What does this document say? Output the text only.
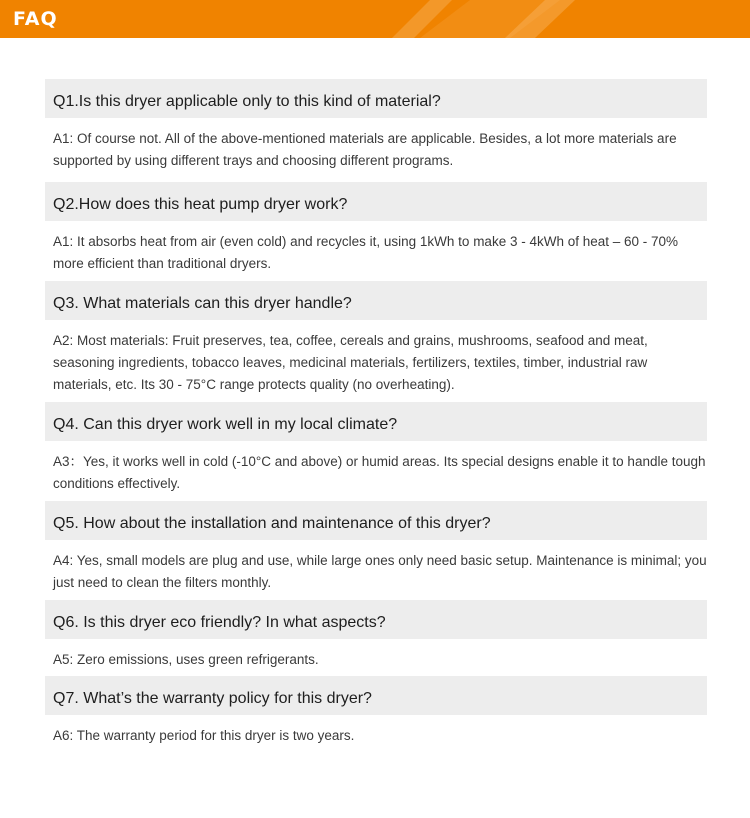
FAQ
Q1.Is this dryer applicable only to this kind of material?
A1: Of course not. All of the above-mentioned materials are applicable. Besides, a lot more materials are supported by using different trays and choosing different programs.
Q2.How does this heat pump dryer work?
A1: It absorbs heat from air (even cold) and recycles it, using 1kWh to make 3 - 4kWh of heat – 60 - 70% more efficient than traditional dryers.
Q3. What materials can this dryer handle?
A2: Most materials: Fruit preserves, tea, coffee, cereals and grains, mushrooms, seafood and meat, seasoning ingredients, tobacco leaves, medicinal materials, fertilizers, textiles, timber, industrial raw materials, etc. Its 30 - 75°C range protects quality (no overheating).
Q4. Can this dryer work well in my local climate?
A3：Yes, it works well in cold (-10°C and above) or humid areas. Its special designs enable it to handle tough conditions effectively.
Q5. How about the installation and maintenance of this dryer?
A4: Yes, small models are plug and use, while large ones only need basic setup. Maintenance is minimal; you just need to clean the filters monthly.
Q6. Is this dryer eco friendly? In what aspects?
A5: Zero emissions, uses green refrigerants.
Q7. What’s the warranty policy for this dryer?
A6: The warranty period for this dryer is two years.
